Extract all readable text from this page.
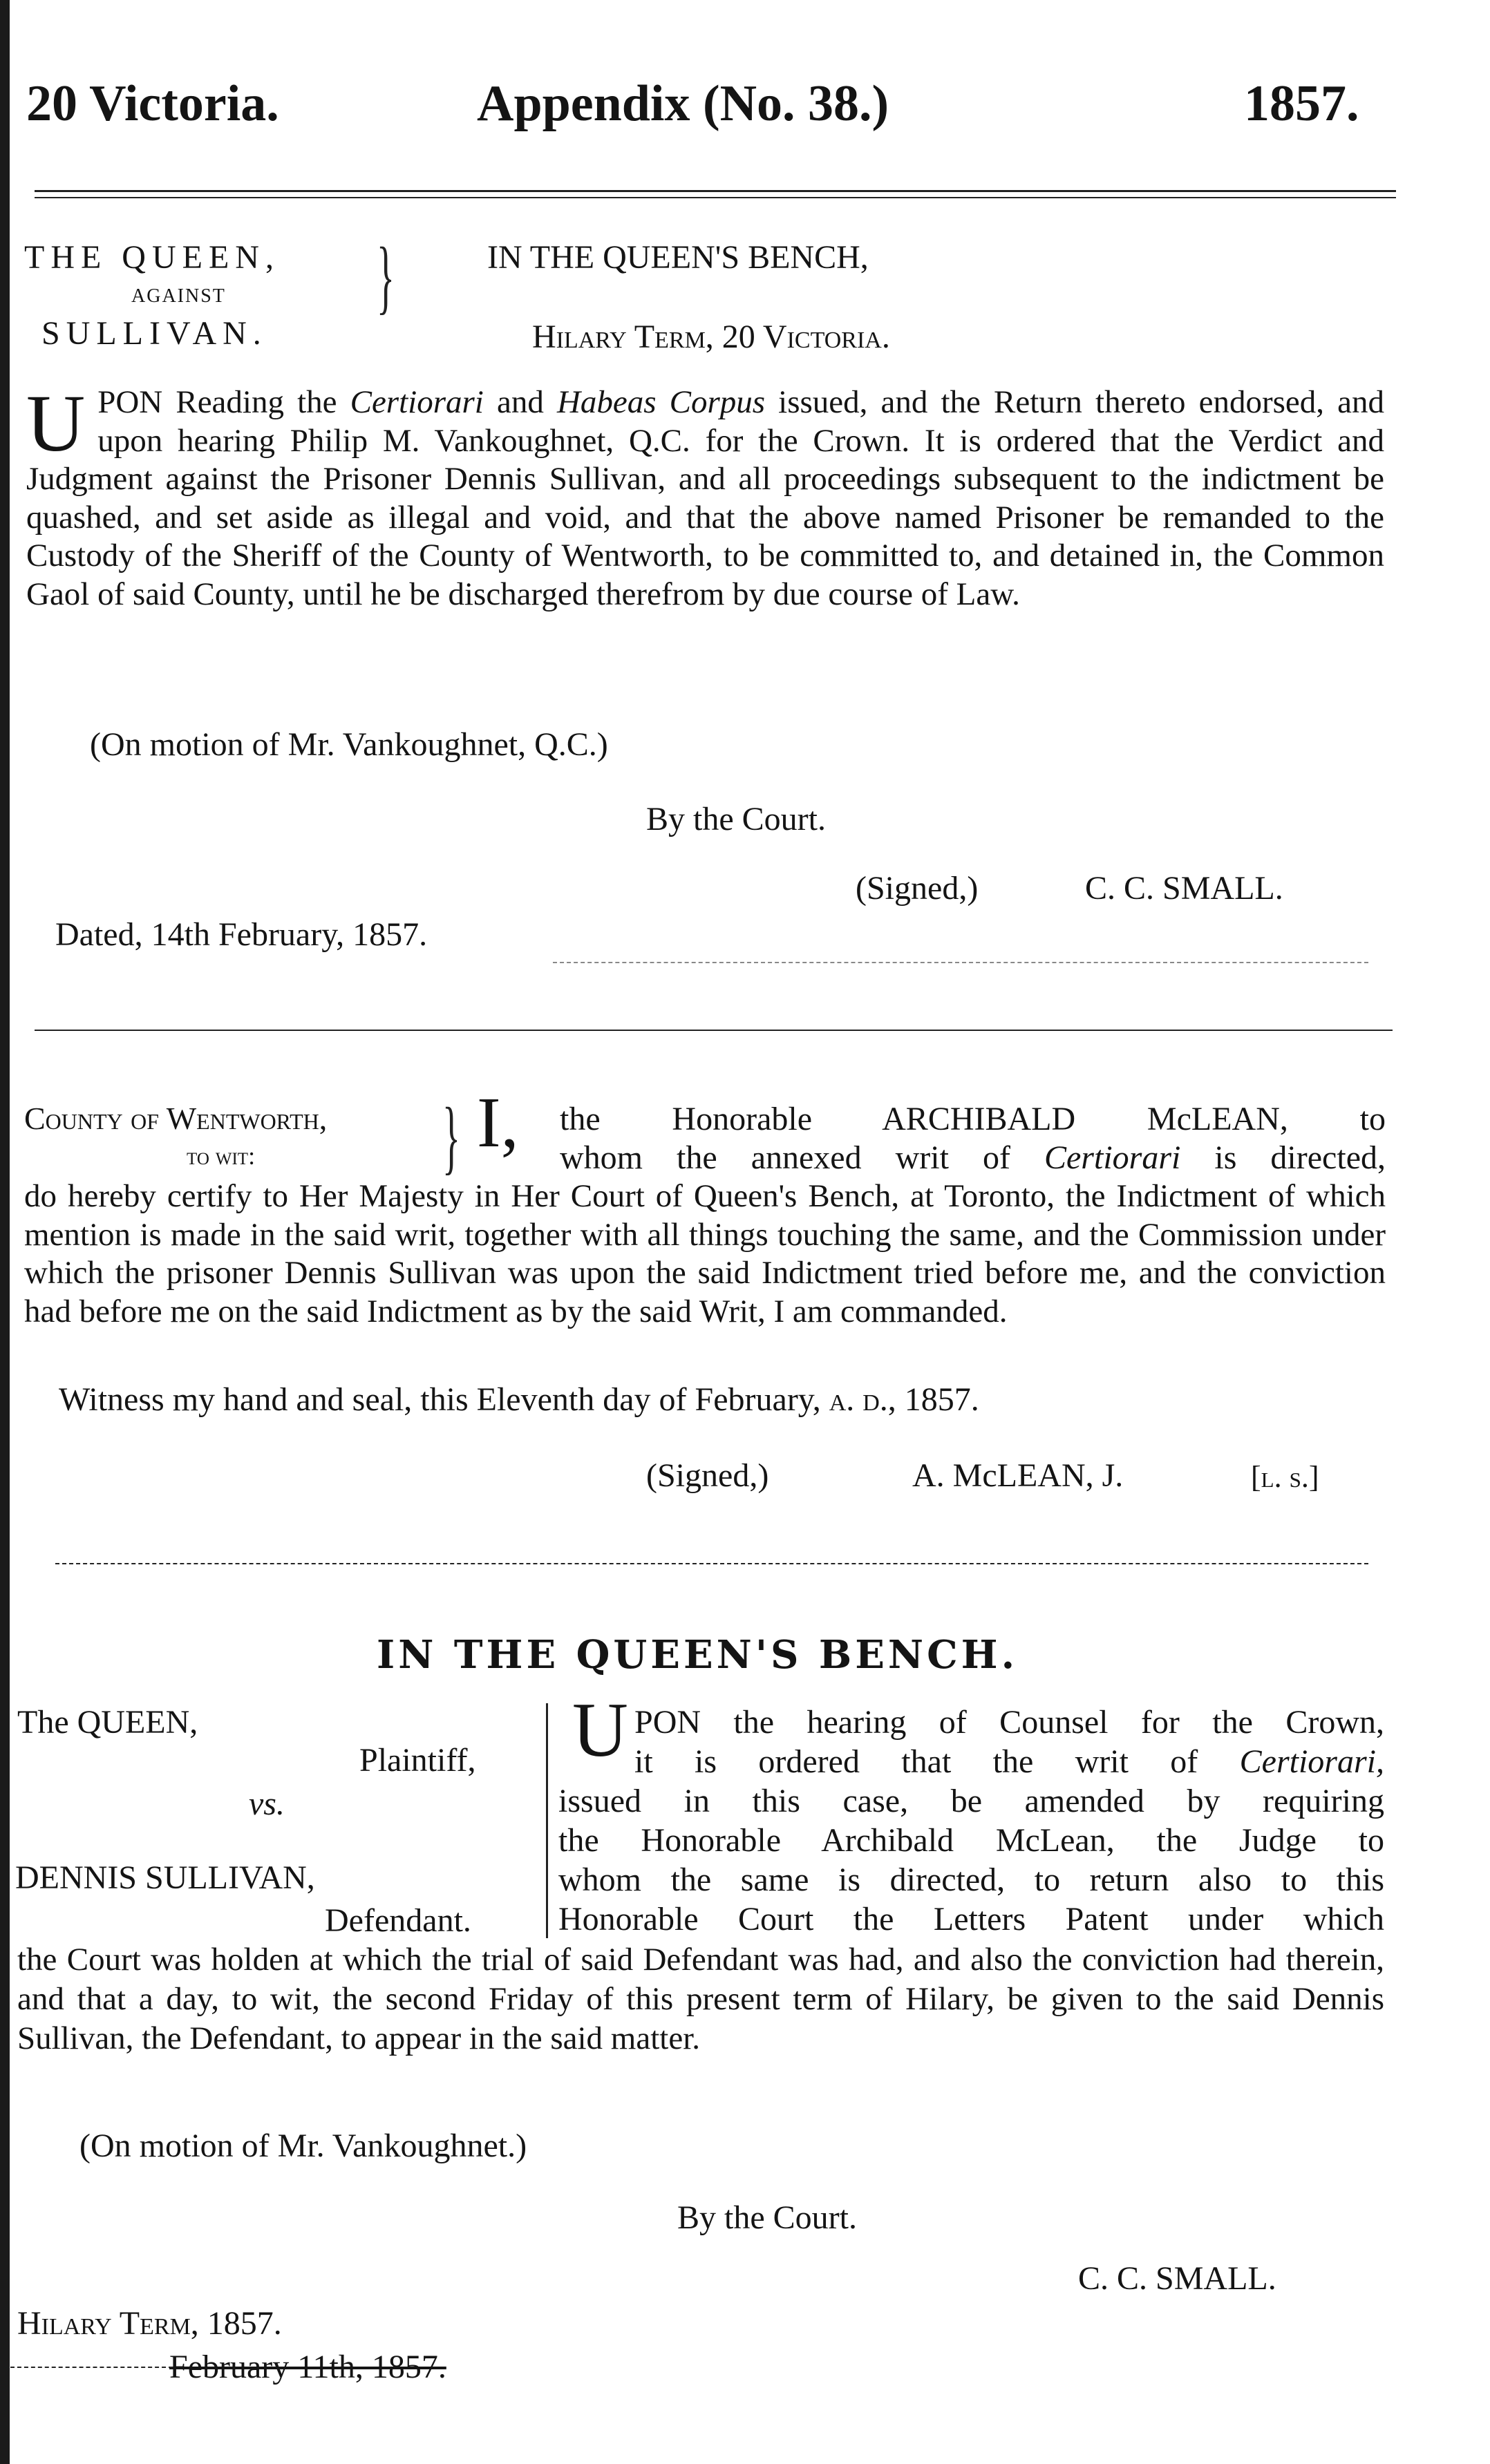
20 Victoria.	Appendix (No. 38.)	1857.
THE QUEEN,
AGAINST
SULLIVAN.
}	IN THE QUEEN'S BENCH,
Hilary Term, 20 Victoria.

UPON Reading the Certiorari and Habeas Corpus issued, and the Return thereto endorsed, and upon hearing Philip M. Vankoughnet, Q.C. for the Crown. It is ordered that the Verdict and Judgment against the Prisoner Dennis Sullivan, and all proceedings subsequent to the indictment be quashed, and set aside as illegal and void, and that the above named Prisoner be remanded to the Custody of the Sheriff of the County of Wentworth, to be committed to, and detained in, the Common Gaol of said County, until he be discharged therefrom by due course of Law.

(On motion of Mr. Vankoughnet, Q.C.)
By the Court.
(Signed,)	C. C. SMALL.
Dated, 14th February, 1857.
County of Wentworth,
to wit: } I, the Honorable ARCHIBALD McLEAN, to
whom the annexed writ of Certiorari is directed,

do hereby certify to Her Majesty in Her Court of Queen's Bench, at Toronto, the Indictment of which mention is made in the said writ, together with all things touching the same, and the Commission under which the prisoner Dennis Sullivan was upon the said Indictment tried before me, and the conviction had before me on the said Indictment as by the said Writ, I am commanded.

Witness my hand and seal, this Eleventh day of February, a. d., 1857.
(Signed,)	A. McLEAN, J.	[l. s.]
IN THE QUEEN'S BENCH.
The QUEEN,
Plaintiff,
vs.
DENNIS SULLIVAN,
Defendant.
U PON the hearing of Counsel for the Crown,
it is ordered that the writ of Certiorari,
issued in this case, be amended by requiring
the Honorable Archibald McLean, the Judge to
whom the same is directed, to return also to this
Honorable Court the Letters Patent under which

the Court was holden at which the trial of said Defendant was had, and also the conviction had therein, and that a day, to wit, the second Friday of this present term of Hilary, be given to the said Dennis Sullivan, the Defendant, to appear in the said matter.

(On motion of Mr. Vankoughnet.)
By the Court.
C. C. SMALL.
Hilary Term, 1857.
February 11th, 1857.
